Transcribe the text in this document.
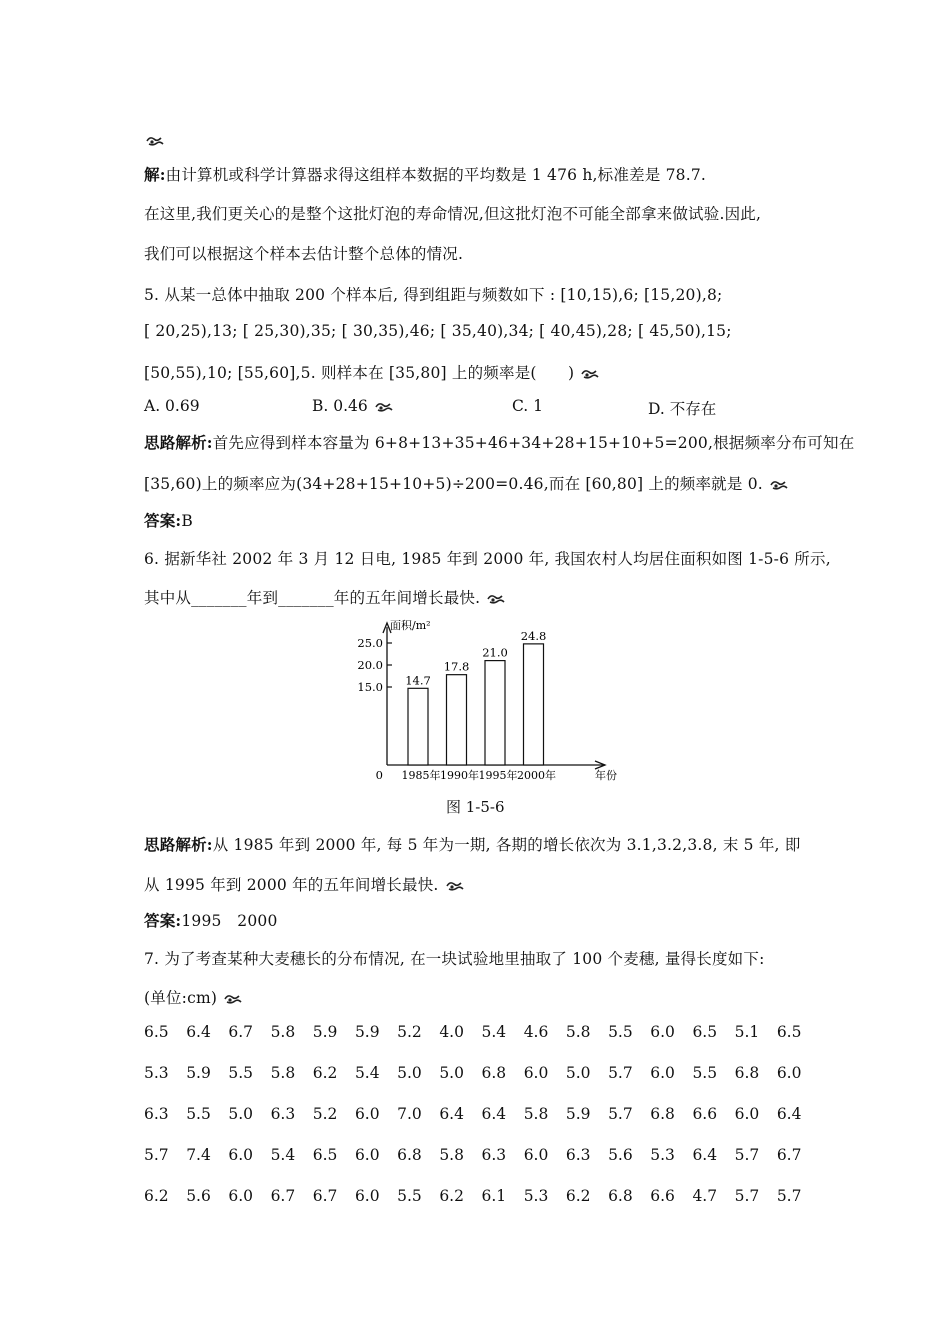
解:由计算机或科学计算器求得这组样本数据的平均数是 1 476 h,标准差是 78.7.
在这里,我们更关心的是整个这批灯泡的寿命情况,但这批灯泡不可能全部拿来做试验.因此,
我们可以根据这个样本去估计整个总体的情况.
5. 从某一总体中抽取 200 个样本后, 得到组距与频数如下 : [10,15),6; [15,20),8;
[ 20,25),13; [ 25,30),35; [ 30,35),46; [ 35,40),34; [ 40,45),28; [ 45,50),15;
[50,55),10; [55,60],5. 则样本在 [35,80] 上的频率是(　　)
A. 0.69	B. 0.46	C. 1	D. 不存在
思路解析:首先应得到样本容量为 6+8+13+35+46+34+28+15+10+5=200,根据频率分布可知在
[35,60)上的频率应为(34+28+15+10+5)÷200=0.46,而在 [60,80] 上的频率就是 0.
答案:B
6. 据新华社 2002 年 3 月 12 日电, 1985 年到 2000 年, 我国农村人均居住面积如图 1-5-6 所示,
其中从_______年到_______年的五年间增长最快.
15.0
20.0
25.0
面积/m²
0
14.7
1985年
17.8
1990年
21.0
1995年
24.8
2000年	年份
图 1-5-6
思路解析:从 1985 年到 2000 年, 每 5 年为一期, 各期的增长依次为 3.1,3.2,3.8, 末 5 年, 即
从 1995 年到 2000 年的五年间增长最快.
答案:1995　2000
7. 为了考查某种大麦穗长的分布情况, 在一块试验地里抽取了 100 个麦穗, 量得长度如下:
(单位:cm)
6.5 6.4 6.7 5.8 5.9 5.9 5.2 4.0 5.4 4.6 5.8 5.5 6.0 6.5 5.1 6.5
5.3 5.9 5.5 5.8 6.2 5.4 5.0 5.0 6.8 6.0 5.0 5.7 6.0 5.5 6.8 6.0
6.3 5.5 5.0 6.3 5.2 6.0 7.0 6.4 6.4 5.8 5.9 5.7 6.8 6.6 6.0 6.4
5.7 7.4 6.0 5.4 6.5 6.0 6.8 5.8 6.3 6.0 6.3 5.6 5.3 6.4 5.7 6.7
6.2 5.6 6.0 6.7 6.7 6.0 5.5 6.2 6.1 5.3 6.2 6.8 6.6 4.7 5.7 5.7
